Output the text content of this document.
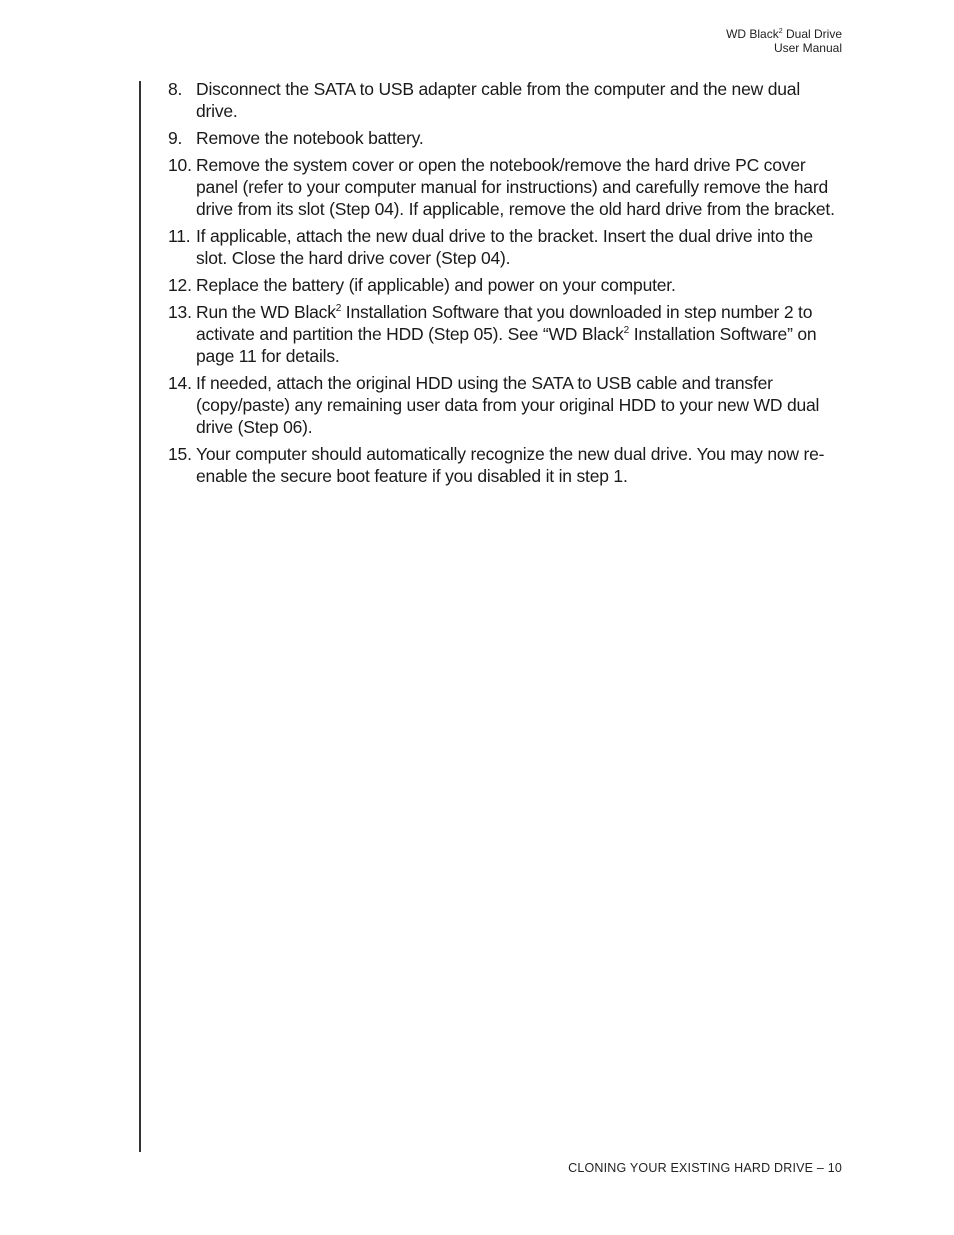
WD Black$^2$ Dual Drive
User Manual
8. Disconnect the SATA to USB adapter cable from the computer and the new dual drive.
9. Remove the notebook battery.
10. Remove the system cover or open the notebook/remove the hard drive PC cover panel (refer to your computer manual for instructions) and carefully remove the hard drive from its slot (Step 04). If applicable, remove the old hard drive from the bracket.
11. If applicable, attach the new dual drive to the bracket. Insert the dual drive into the slot. Close the hard drive cover (Step 04).
12. Replace the battery (if applicable) and power on your computer.
13. Run the WD Black$^2$ Installation Software that you downloaded in step number 2 to activate and partition the HDD (Step 05). See “WD Black$^2$ Installation Software” on page 11 for details.
14. If needed, attach the original HDD using the SATA to USB cable and transfer (copy/paste) any remaining user data from your original HDD to your new WD dual drive (Step 06).
15. Your computer should automatically recognize the new dual drive. You may now re-enable the secure boot feature if you disabled it in step 1.
CLONING YOUR EXISTING HARD DRIVE – 10
